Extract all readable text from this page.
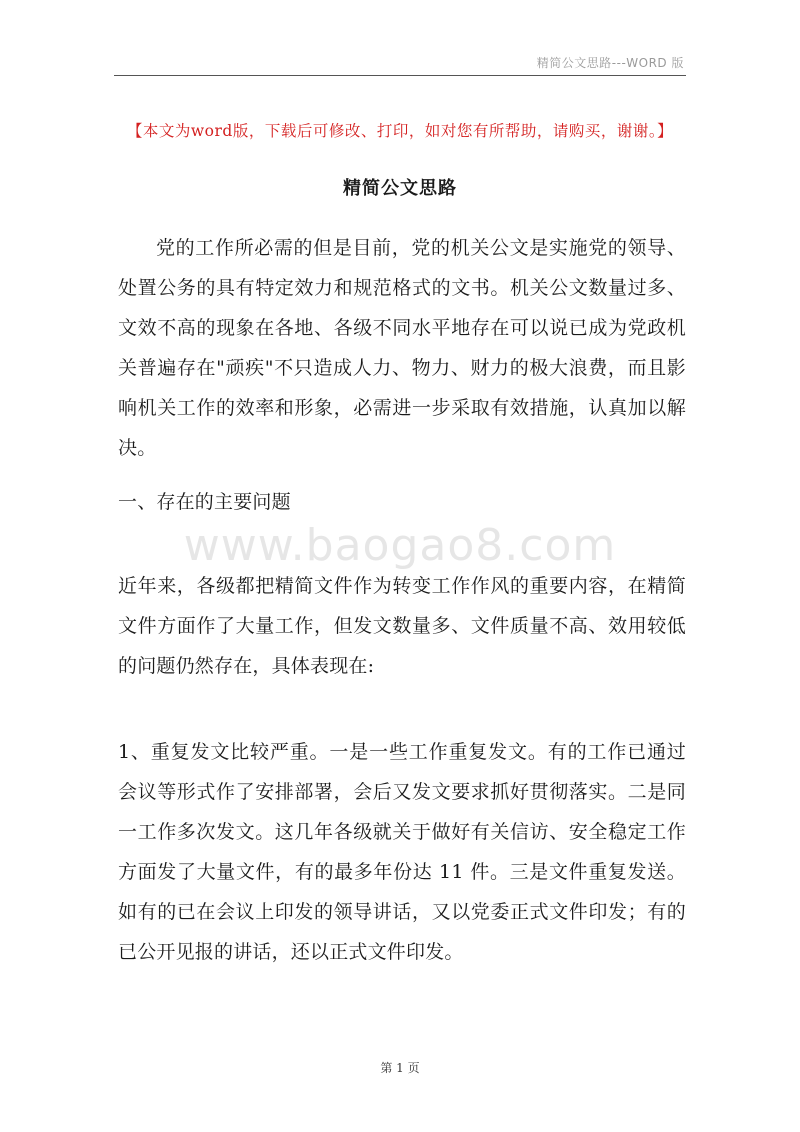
精简公文思路---WORD 版
【本文为word版，下载后可修改、打印，如对您有所帮助，请购买，谢谢。】
精简公文思路
党的工作所必需的但是目前，党的机关公文是实施党的领导、处置公务的具有特定效力和规范格式的文书。机关公文数量过多、文效不高的现象在各地、各级不同水平地存在可以说已成为党政机关普遍存在"顽疾"不只造成人力、物力、财力的极大浪费，而且影响机关工作的效率和形象，必需进一步采取有效措施，认真加以解决。
一、存在的主要问题
www.baogao8.com
近年来，各级都把精简文件作为转变工作作风的重要内容，在精简文件方面作了大量工作，但发文数量多、文件质量不高、效用较低的问题仍然存在，具体表现在:
1、重复发文比较严重。一是一些工作重复发文。有的工作已通过会议等形式作了安排部署，会后又发文要求抓好贯彻落实。二是同一工作多次发文。这几年各级就关于做好有关信访、安全稳定工作方面发了大量文件，有的最多年份达 11 件。三是文件重复发送。如有的已在会议上印发的领导讲话，又以党委正式文件印发；有的已公开见报的讲话，还以正式文件印发。
第 1 页
